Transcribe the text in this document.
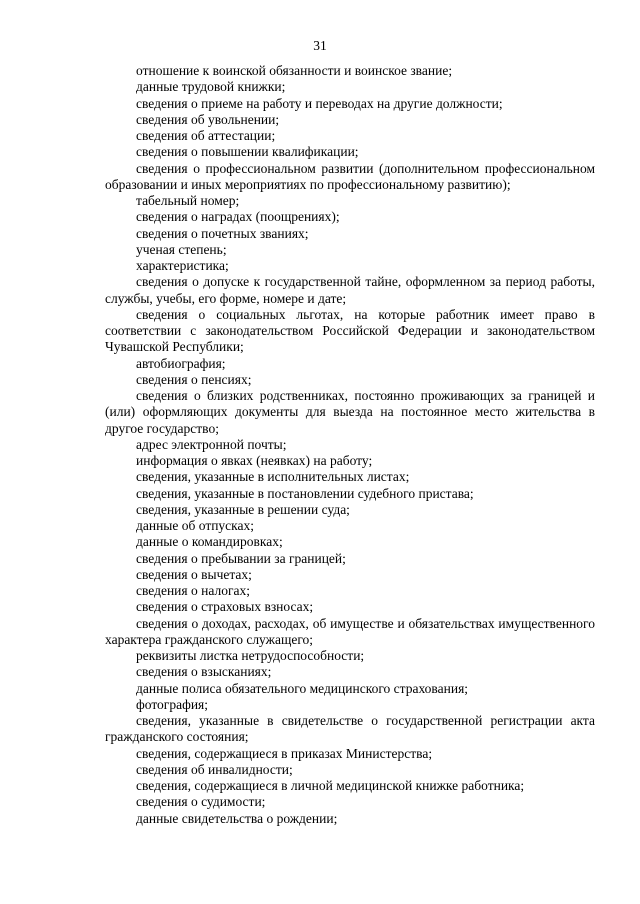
31

отношение к воинской обязанности и воинское звание;

данные трудовой книжки;

сведения о приеме на работу и переводах на другие должности;

сведения об увольнении;

сведения об аттестации;

сведения о повышении квалификации;

сведения о профессиональном развитии (дополнительном профессиональном образовании и иных мероприятиях по профессиональному развитию);

табельный номер;

сведения о наградах (поощрениях);

сведения о почетных званиях;

ученая степень;

характеристика;

сведения о допуске к государственной тайне, оформленном за период работы, службы, учебы, его форме, номере и дате;

сведения о социальных льготах, на которые работник имеет право в соответствии с законодательством Российской Федерации и законодательством Чувашской Республики;

автобиография;

сведения о пенсиях;

сведения о близких родственниках, постоянно проживающих за границей и (или) оформляющих документы для выезда на постоянное место жительства в другое государство;

адрес электронной почты;

информация о явках (неявках) на работу;

сведения, указанные в исполнительных листах;

сведения, указанные в постановлении судебного пристава;

сведения, указанные в решении суда;

данные об отпусках;

данные о командировках;

сведения о пребывании за границей;

сведения о вычетах;

сведения о налогах;

сведения о страховых взносах;

сведения о доходах, расходах, об имуществе и обязательствах имущественного характера гражданского служащего;

реквизиты листка нетрудоспособности;

сведения о взысканиях;

данные полиса обязательного медицинского страхования;

фотография;

сведения, указанные в свидетельстве о государственной регистрации акта гражданского состояния;

сведения, содержащиеся в приказах Министерства;

сведения об инвалидности;

сведения, содержащиеся в личной медицинской книжке работника;

сведения о судимости;

данные свидетельства о рождении;
